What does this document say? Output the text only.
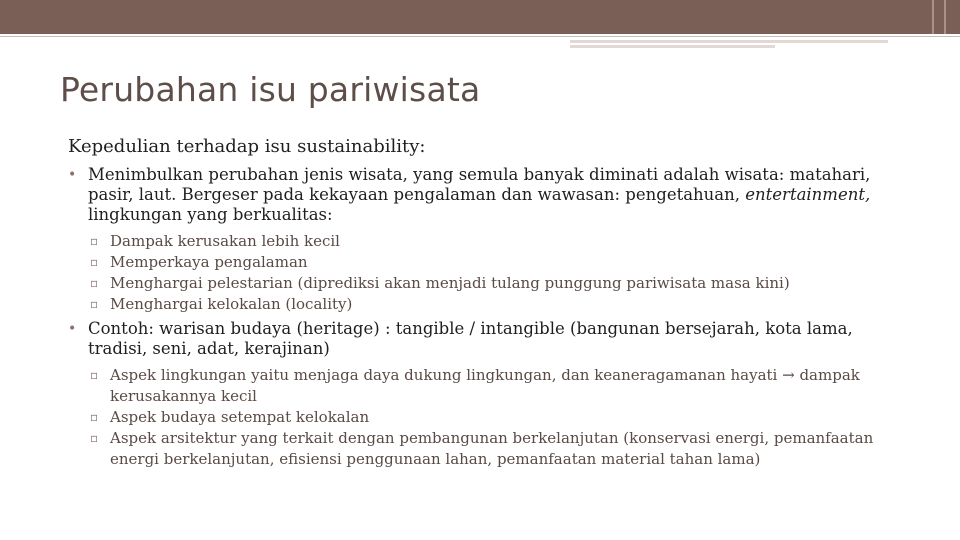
Perubahan isu pariwisata

Kepedulian terhadap isu sustainability:

• Menimbulkan perubahan jenis wisata, yang semula banyak diminati adalah wisata: matahari, pasir, laut. Bergeser pada kekayaan pengalaman dan wawasan: pengetahuan, entertainment, lingkungan yang berkualitas:
▫ Dampak kerusakan lebih kecil
▫ Memperkaya pengalaman
▫ Menghargai pelestarian (diprediksi akan menjadi tulang punggung pariwisata masa kini)
▫ Menghargai kelokalan (locality)
• Contoh: warisan budaya (heritage) : tangible / intangible (bangunan bersejarah, kota lama, tradisi, seni, adat, kerajinan)
▫ Aspek lingkungan yaitu menjaga daya dukung lingkungan, dan keaneragamanan hayati → dampak kerusakannya kecil
▫ Aspek budaya setempat kelokalan
▫ Aspek arsitektur yang terkait dengan pembangunan berkelanjutan (konservasi energi, pemanfaatan energi berkelanjutan, efisiensi penggunaan lahan, pemanfaatan material tahan lama)
